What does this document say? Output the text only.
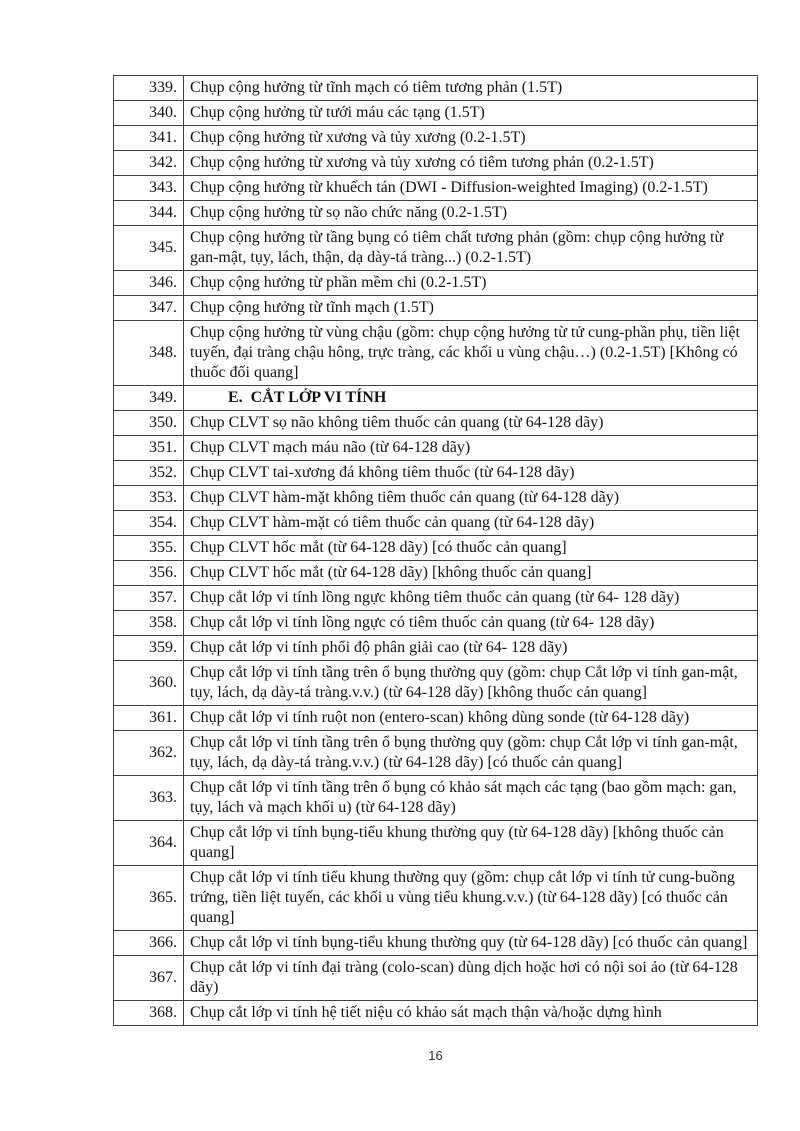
339.	Chụp cộng hưởng từ tĩnh mạch có tiêm tương phản (1.5T)
340.	Chụp cộng hưởng từ tưới máu các tạng (1.5T)
341.	Chụp cộng hưởng từ xương và tủy xương (0.2-1.5T)
342.	Chụp cộng hưởng từ xương và tủy xương có tiêm tương phản (0.2-1.5T)
343.	Chụp cộng hưởng từ khuếch tán (DWI - Diffusion-weighted Imaging) (0.2-1.5T)
344.	Chụp cộng hưởng từ sọ não chức năng (0.2-1.5T)
345.	Chụp cộng hưởng từ tầng bụng có tiêm chất tương phản (gồm: chụp cộng hưởng từ gan-mật, tụy, lách, thận, dạ dày-tá tràng...) (0.2-1.5T)
346.	Chụp cộng hưởng từ phần mềm chi (0.2-1.5T)
347.	Chụp cộng hưởng từ tĩnh mạch (1.5T)
348.	Chụp cộng hưởng từ vùng chậu (gồm: chụp cộng hưởng từ tử cung-phần phụ, tiền liệt tuyến, đại tràng chậu hông, trực tràng, các khối u vùng chậu…) (0.2-1.5T) [Không có thuốc đối quang]
349.	E.  CẮT LỚP VI TÍNH
350.	Chụp CLVT sọ não không tiêm thuốc cản quang (từ 64-128 dãy)
351.	Chụp CLVT mạch máu não (từ 64-128 dãy)
352.	Chụp CLVT tai-xương đá không tiêm thuốc (từ 64-128 dãy)
353.	Chụp CLVT hàm-mặt không tiêm thuốc cản quang (từ 64-128 dãy)
354.	Chụp CLVT hàm-mặt có tiêm thuốc cản quang (từ 64-128 dãy)
355.	Chụp CLVT hốc mắt (từ 64-128 dãy) [có thuốc cản quang]
356.	Chụp CLVT hốc mắt (từ 64-128 dãy) [không thuốc cản quang]
357.	Chụp cắt lớp vi tính lồng ngực không tiêm thuốc cản quang (từ 64- 128 dãy)
358.	Chụp cắt lớp vi tính lồng ngực có tiêm thuốc cản quang (từ 64- 128 dãy)
359.	Chụp cắt lớp vi tính phổi độ phân giải cao (từ 64- 128 dãy)
360.	Chụp cắt lớp vi tính tầng trên ổ bụng thường quy (gồm: chụp Cắt lớp vi tính gan-mật, tụy, lách, dạ dày-tá tràng.v.v.) (từ 64-128 dãy) [không thuốc cản quang]
361.	Chụp cắt lớp vi tính ruột non (entero-scan) không dùng sonde (từ 64-128 dãy)
362.	Chụp cắt lớp vi tính tầng trên ổ bụng thường quy (gồm: chụp Cắt lớp vi tính gan-mật, tụy, lách, dạ dày-tá tràng.v.v.) (từ 64-128 dãy) [có thuốc cản quang]
363.	Chụp cắt lớp vi tính tầng trên ổ bụng có khảo sát mạch các tạng (bao gồm mạch: gan, tụy, lách và mạch khối u) (từ 64-128 dãy)
364.	Chụp cắt lớp vi tính bụng-tiểu khung thường quy (từ 64-128 dãy) [không thuốc cản quang]
365.	Chụp cắt lớp vi tính tiểu khung thường quy (gồm: chụp cắt lớp vi tính tử cung-buồng trứng, tiền liệt tuyến, các khối u vùng tiểu khung.v.v.) (từ 64-128 dãy) [có thuốc cản quang]
366.	Chụp cắt lớp vi tính bụng-tiểu khung thường quy (từ 64-128 dãy) [có thuốc cản quang]
367.	Chụp cắt lớp vi tính đại tràng (colo-scan) dùng dịch hoặc hơi có nội soi ảo (từ 64-128 dãy)
368.	Chụp cắt lớp vi tính hệ tiết niệu có khảo sát mạch thận và/hoặc dựng hình
16
